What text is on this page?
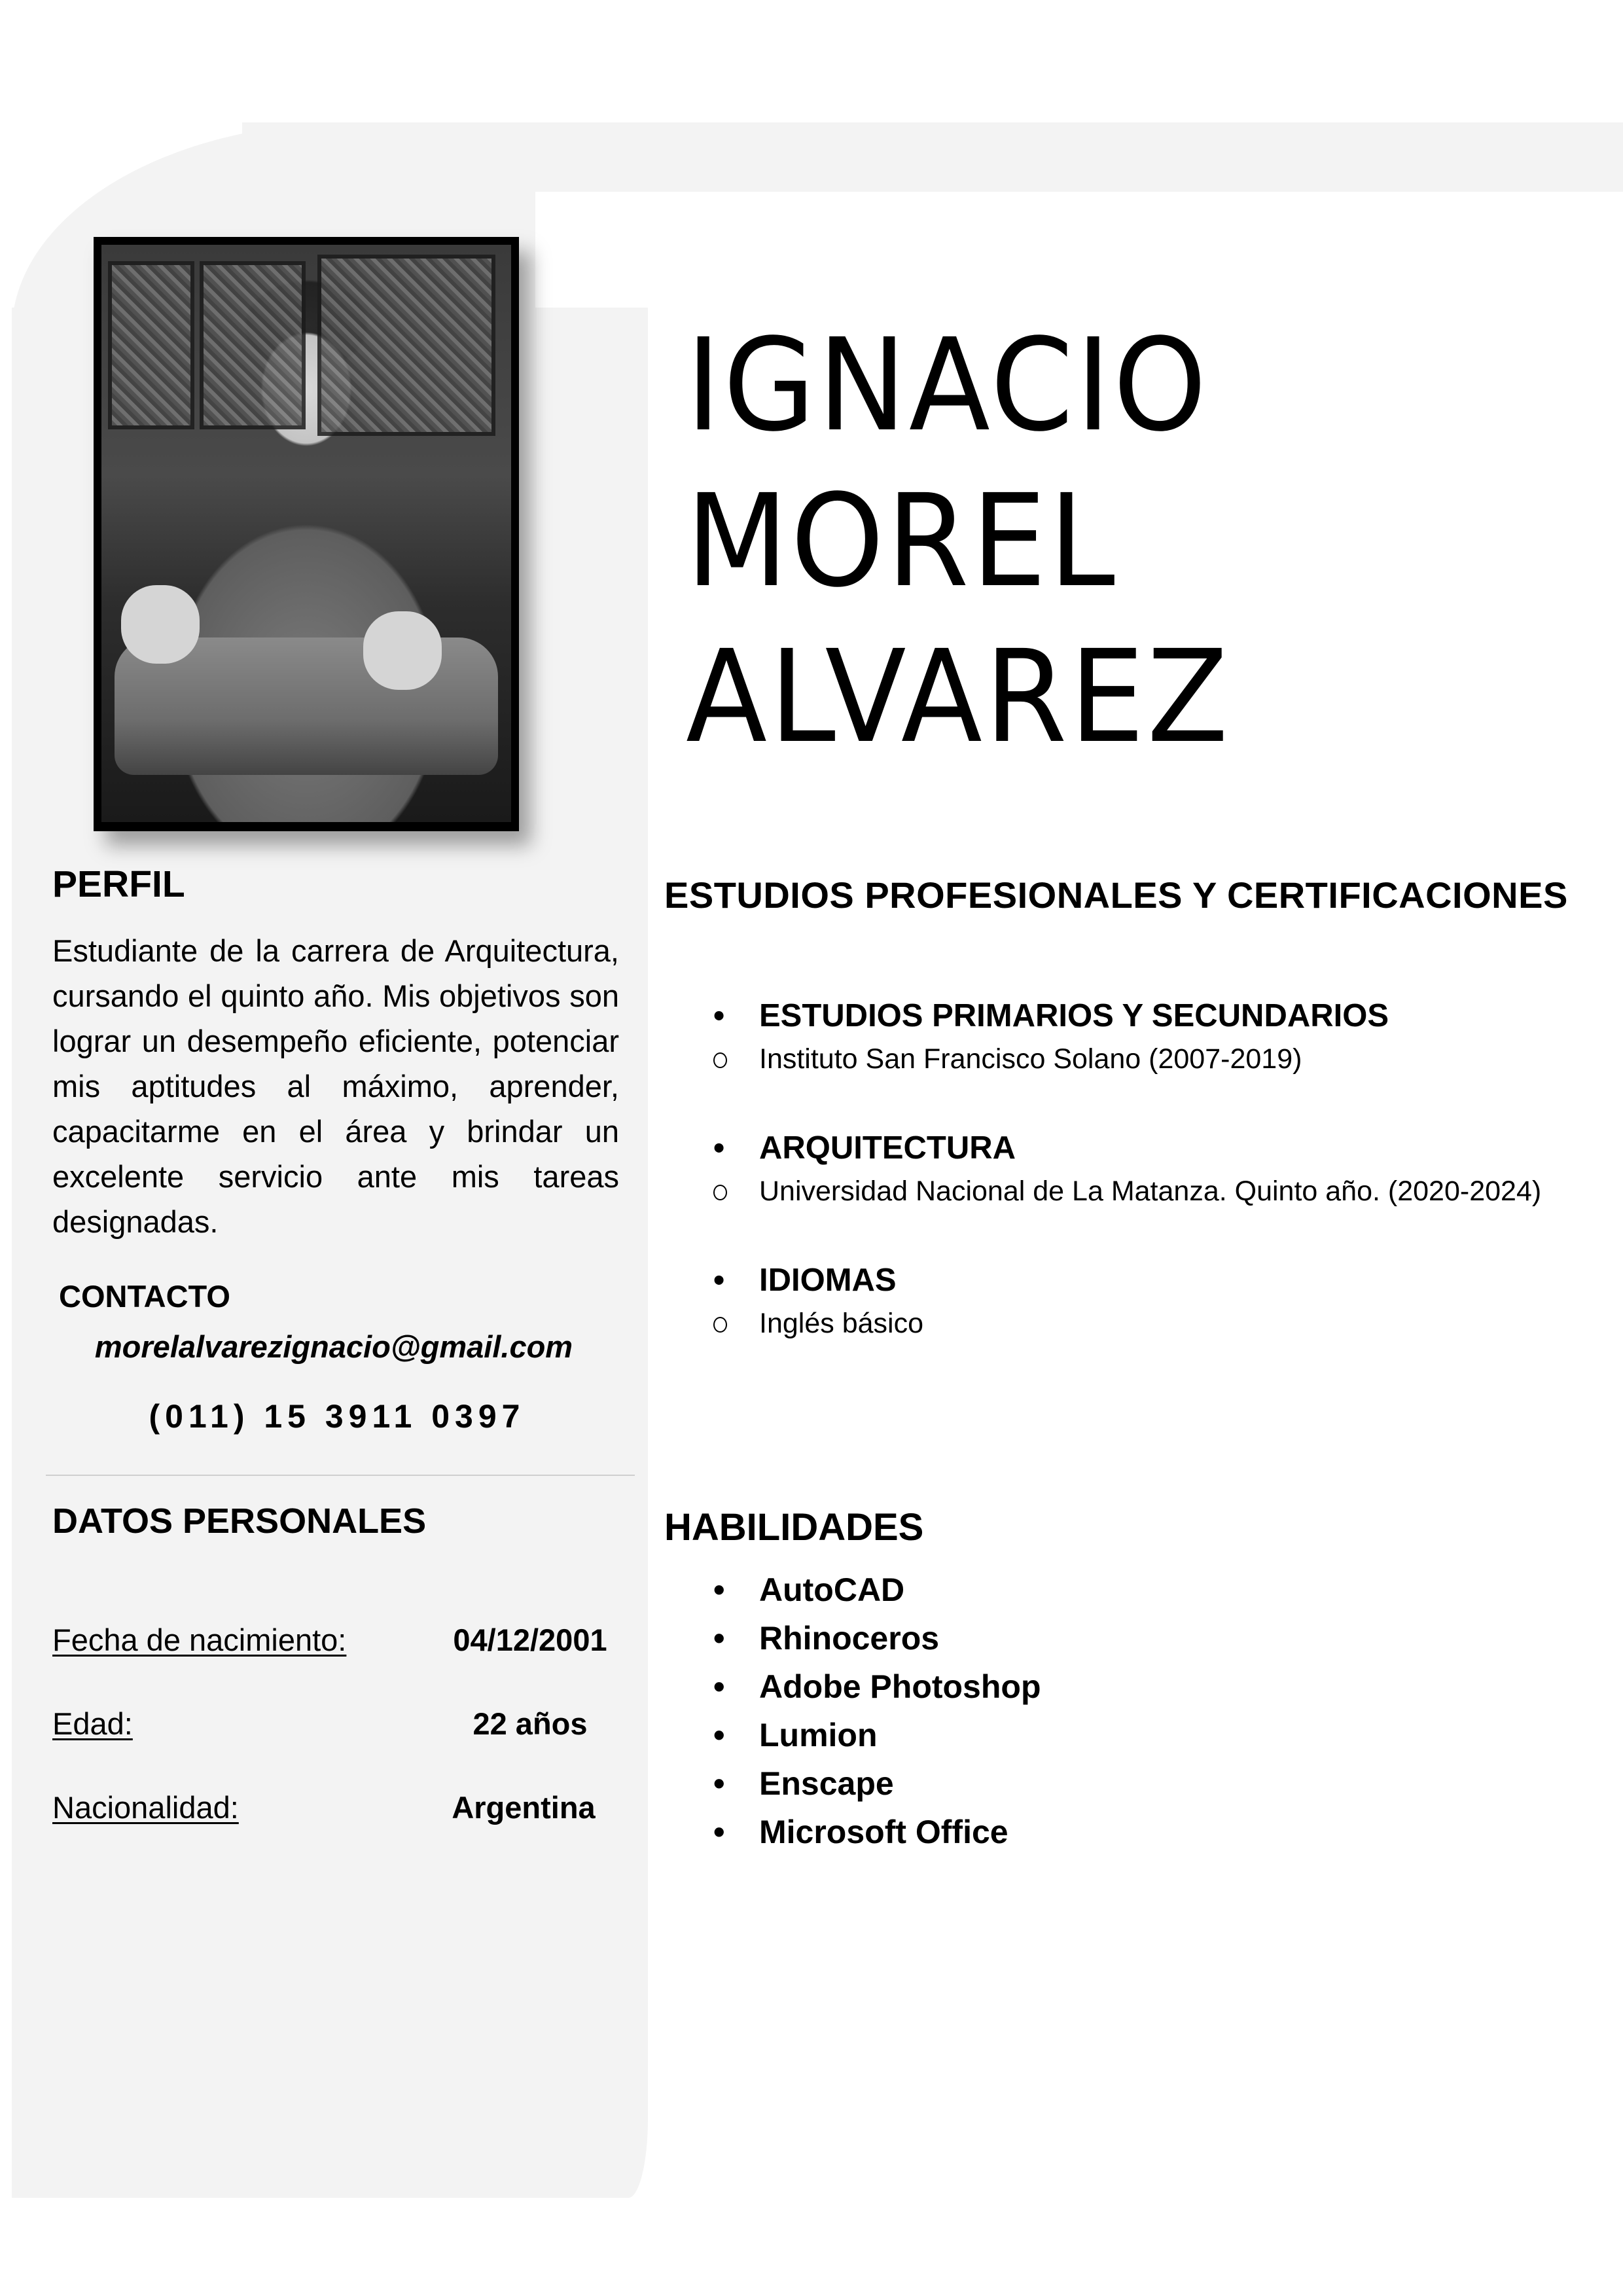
IGNACIO
MOREL
ALVAREZ
PERFIL

Estudiante de la carrera de Arquitectura, cursando el quinto año. Mis objetivos son lograr un desempeño eficiente, potenciar mis aptitudes al máximo, aprender, capacitarme en el área y brindar un excelente servicio ante mis tareas designadas.

CONTACTO
morelalvarezignacio@gmail.com
(011) 15 3911 0397
DATOS PERSONALES
Fecha de nacimiento:	04/12/2001
Edad:	22 años
Nacionalidad:	Argentina
ESTUDIOS PROFESIONALES Y CERTIFICACIONES
• ESTUDIOS PRIMARIOS Y SECUNDARIOS
Instituto San Francisco Solano (2007-2019)
• ARQUITECTURA
Universidad Nacional de La Matanza. Quinto año. (2020-2024)
• IDIOMAS
Inglés básico
HABILIDADES
• AutoCAD
• Rhinoceros
• Adobe Photoshop
• Lumion
• Enscape
• Microsoft Office
